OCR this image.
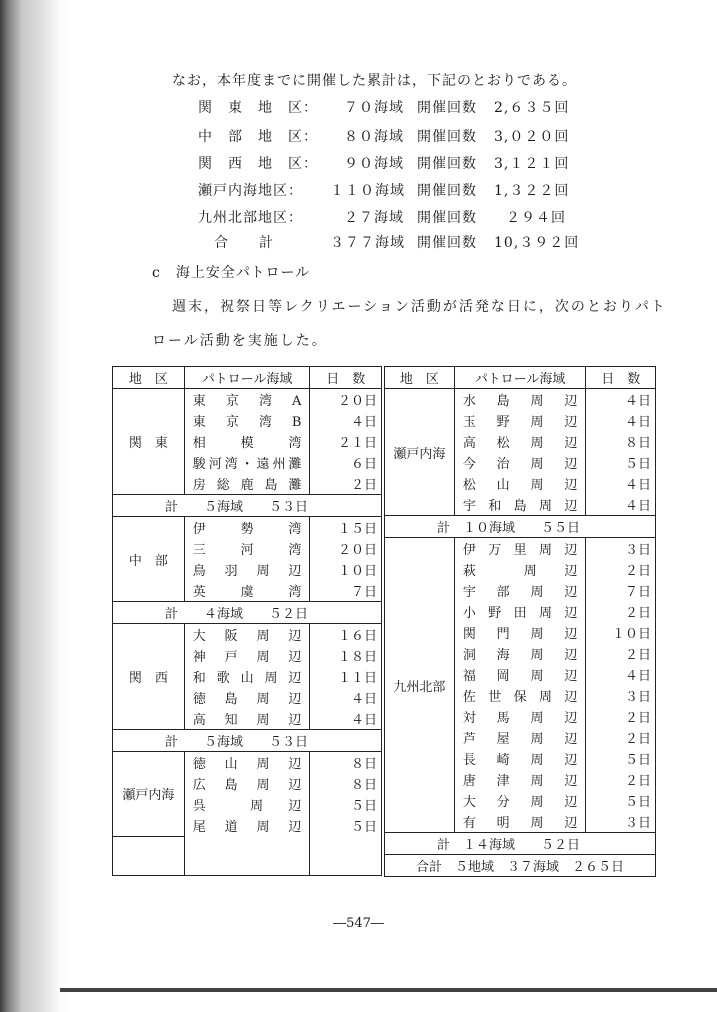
なお，本年度までに開催した累計は，下記のとおりである。
関　東　地　区：	７０海域 開催回数 2,６３５回
中　部　地　区：	８０海域 開催回数 3,０２０回
関　西　地　区：	９０海域 開催回数 3,１２１回
瀬戸内海地区： １１０海域 開催回数 1,３２２回
九州北部地区：	２７海域 開催回数	２９４回
合　　計	３７７海域 開催回数 10,３９２回
c　海上安全パトロール
週末，祝祭日等レクリエーション活動が活発な日に，次のとおりパト
ロール活動を実施した。
地　区	パトロール海域	日　数
関　東	東　京　湾　A	２０日
	東　京　湾　B	４日
	相　模　湾	２１日
	駿河湾・遠州灘	６日
	房総鹿島灘	２日
計　　５海域　　５３日		
中　部	伊　勢　湾	１５日
	三　河　湾	２０日
	鳥　羽　周　辺	１０日
	英　虞　湾	７日
計　　４海域　　５２日		
関　西	大　阪　周　辺	１６日
	神　戸　周　辺	１８日
	和歌山周辺	１１日
	徳　島　周　辺	４日
	高　知　周　辺	４日
計　　５海域　　５３日		
瀬戸内海	徳　山　周　辺	８日
	広　島　周　辺	８日
	呉　　周　辺	５日
	尾　道　周　辺	５日

地　区	パトロール海域	日　数
瀬戸内海	水　島　周　辺	４日
	玉　野　周　辺	４日
	高　松　周　辺	８日
	今　治　周　辺	５日
	松　山　周　辺	４日
	宇和島周辺	４日
計　１０海域　　５５日		
九州北部	伊万里周辺	３日
	萩　　周　辺	２日
	宇　部　周　辺	７日
	小野田周辺	２日
	関　門　周　辺	１０日
	洞　海　周　辺	２日
	福　岡　周　辺	４日
	佐世保周辺	３日
	対　馬　周　辺	２日
	芦　屋　周　辺	２日
	長　崎　周　辺	５日
	唐　津　周　辺	２日
	大　分　周　辺	５日
	有　明　周　辺	３日
計　１４海域　　５２日		
合計　５地域　３７海域　２６５日		
―547―
